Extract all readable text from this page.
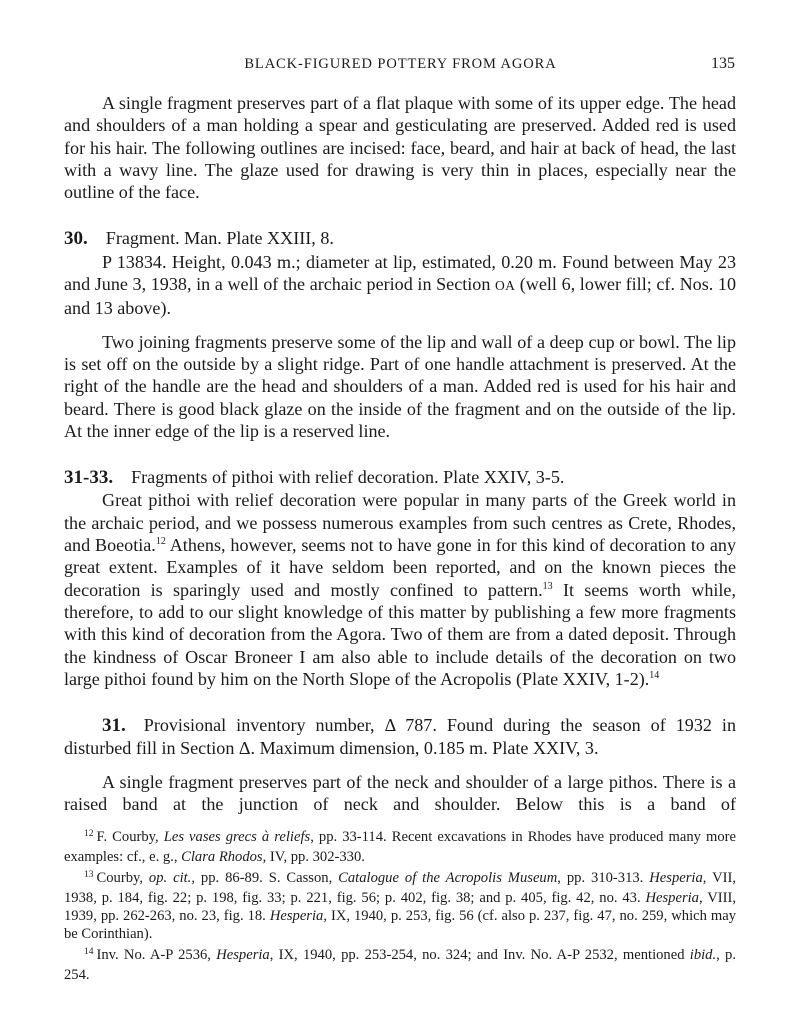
BLACK-FIGURED POTTERY FROM AGORA	135

A single fragment preserves part of a flat plaque with some of its upper edge. The head and shoulders of a man holding a spear and gesticulating are preserved. Added red is used for his hair. The following outlines are incised: face, beard, and hair at back of head, the last with a wavy line. The glaze used for drawing is very thin in places, especially near the outline of the face.

30. Fragment. Man. Plate XXIII, 8.

P 13834. Height, 0.043 m.; diameter at lip, estimated, 0.20 m. Found between May 23 and June 3, 1938, in a well of the archaic period in Section OA (well 6, lower fill; cf. Nos. 10 and 13 above).

Two joining fragments preserve some of the lip and wall of a deep cup or bowl. The lip is set off on the outside by a slight ridge. Part of one handle attachment is preserved. At the right of the handle are the head and shoulders of a man. Added red is used for his hair and beard. There is good black glaze on the inside of the fragment and on the outside of the lip. At the inner edge of the lip is a reserved line.

31-33. Fragments of pithoi with relief decoration. Plate XXIV, 3-5.

Great pithoi with relief decoration were popular in many parts of the Greek world in the archaic period, and we possess numerous examples from such centres as Crete, Rhodes, and Boeotia.$^{12}$ Athens, however, seems not to have gone in for this kind of decoration to any great extent. Examples of it have seldom been reported, and on the known pieces the decoration is sparingly used and mostly confined to pattern.$^{13}$ It seems worth while, therefore, to add to our slight knowledge of this matter by publishing a few more fragments with this kind of decoration from the Agora. Two of them are from a dated deposit. Through the kindness of Oscar Broneer I am also able to include details of the decoration on two large pithoi found by him on the North Slope of the Acropolis (Plate XXIV, 1-2).$^{14}$

31. Provisional inventory number, Δ 787. Found during the season of 1932 in disturbed fill in Section Δ. Maximum dimension, 0.185 m. Plate XXIV, 3.

A single fragment preserves part of the neck and shoulder of a large pithos. There is a raised band at the junction of neck and shoulder. Below this is a band of

$^{12}$ F. Courby, Les vases grecs à reliefs, pp. 33-114. Recent excavations in Rhodes have produced many more examples: cf., e. g., Clara Rhodos, IV, pp. 302-330.

$^{13}$ Courby, op. cit., pp. 86-89. S. Casson, Catalogue of the Acropolis Museum, pp. 310-313. Hesperia, VII, 1938, p. 184, fig. 22; p. 198, fig. 33; p. 221, fig. 56; p. 402, fig. 38; and p. 405, fig. 42, no. 43. Hesperia, VIII, 1939, pp. 262-263, no. 23, fig. 18. Hesperia, IX, 1940, p. 253, fig. 56 (cf. also p. 237, fig. 47, no. 259, which may be Corinthian).

$^{14}$ Inv. No. A-P 2536, Hesperia, IX, 1940, pp. 253-254, no. 324; and Inv. No. A-P 2532, mentioned ibid., p. 254.
